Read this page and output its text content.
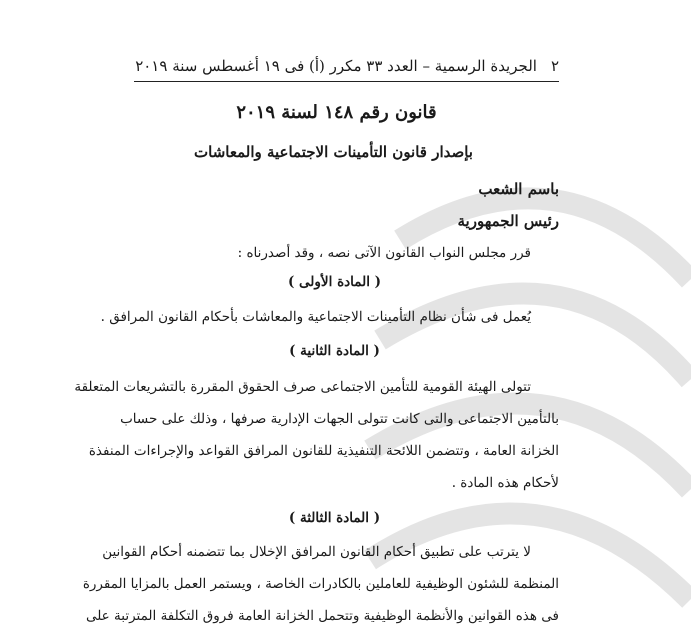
٢
الجريدة الرسمية – العدد ٣٣ مكرر (أ) فى ١٩ أغسطس سنة ٢٠١٩
قانون رقم ١٤٨ لسنة ٢٠١٩
بإصدار قانون التأمينات الاجتماعية والمعاشات
باسم الشعب
رئيس الجمهورية
قرر مجلس النواب القانون الآتى نصه ، وقد أصدرناه :
( المادة الأولى )
يُعمل فى شأن نظام التأمينات الاجتماعية والمعاشات بأحكام القانون المرافق .
( المادة الثانية )
تتولى الهيئة القومية للتأمين الاجتماعى صرف الحقوق المقررة بالتشريعات المتعلقة
بالتأمين الاجتماعى والتى كانت تتولى الجهات الإدارية صرفها ، وذلك على حساب
الخزانة العامة ، وتتضمن اللائحة التنفيذية للقانون المرافق القواعد والإجراءات المنفذة
لأحكام هذه المادة .
( المادة الثالثة )
لا يترتب على تطبيق أحكام القانون المرافق الإخلال بما تتضمنه أحكام القوانين
المنظمة للشئون الوظيفية للعاملين بالكادرات الخاصة ، ويستمر العمل بالمزايا المقررة
فى هذه القوانين والأنظمة الوظيفية وتتحمل الخزانة العامة فروق التكلفة المترتبة على
